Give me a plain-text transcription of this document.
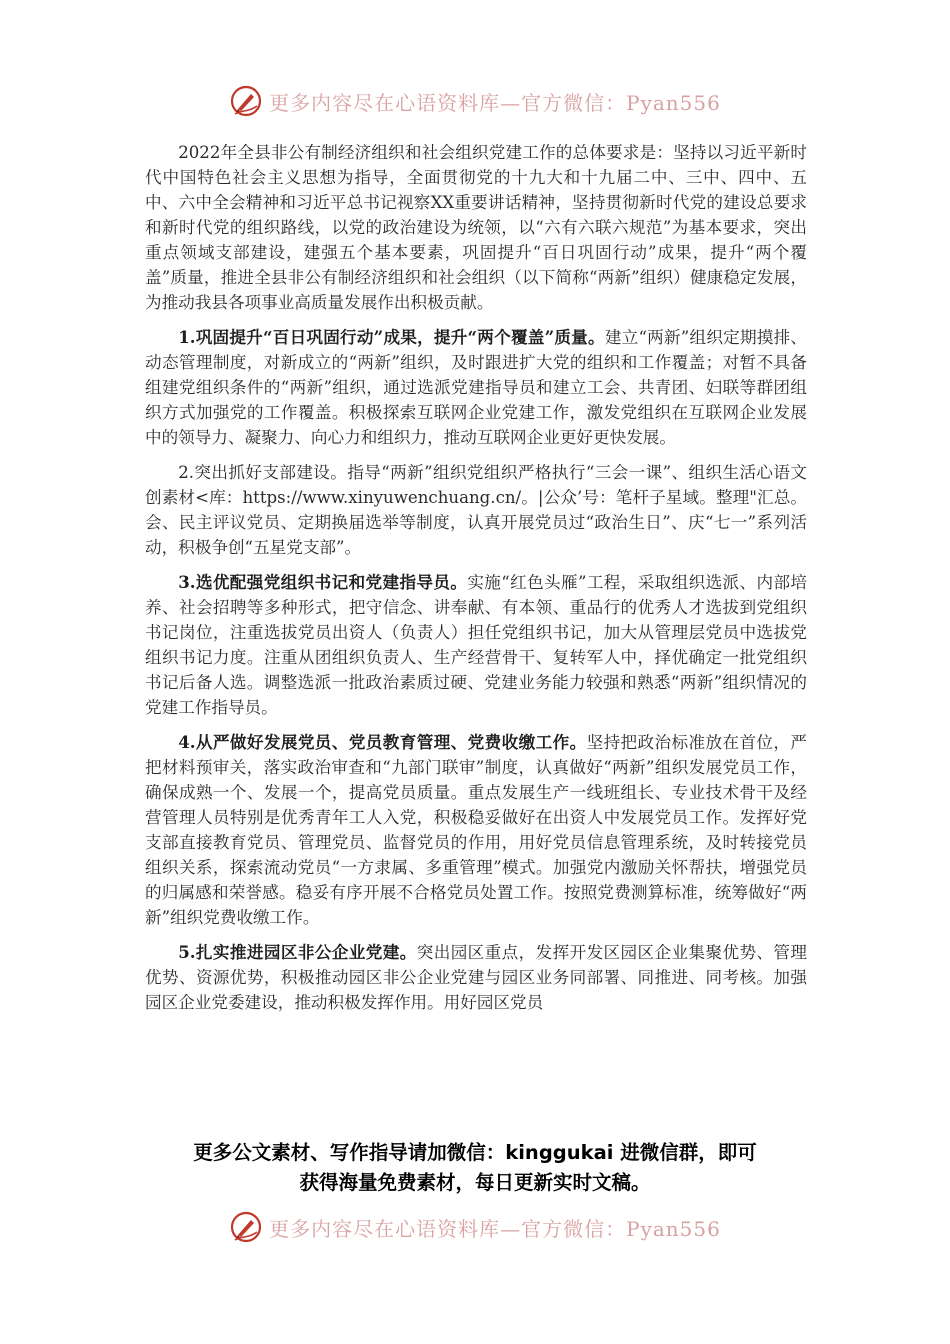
更多内容尽在心语资料库—官方微信：Pyan556

2022年全县非公有制经济组织和社会组织党建工作的总体要求是：坚持以习近平新时代中国特色社会主义思想为指导，全面贯彻党的十九大和十九届二中、三中、四中、五中、六中全会精神和习近平总书记视察XX重要讲话精神，坚持贯彻新时代党的建设总要求和新时代党的组织路线，以党的政治建设为统领，以“六有六联六规范”为基本要求，突出重点领域支部建设，建强五个基本要素，巩固提升“百日巩固行动”成果，提升“两个覆盖”质量，推进全县非公有制经济组织和社会组织（以下简称“两新”组织）健康稳定发展，为推动我县各项事业高质量发展作出积极贡献。

1.巩固提升“百日巩固行动”成果，提升“两个覆盖”质量。建立“两新”组织定期摸排、动态管理制度，对新成立的“两新”组织，及时跟进扩大党的组织和工作覆盖；对暂不具备组建党组织条件的“两新”组织，通过选派党建指导员和建立工会、共青团、妇联等群团组织方式加强党的工作覆盖。积极探索互联网企业党建工作，激发党组织在互联网企业发展中的领导力、凝聚力、向心力和组织力，推动互联网企业更好更快发展。

2.突出抓好支部建设。指导“两新”组织党组织严格执行“三会一课”、组织生活心语文创素材<库：https://www.xinyuwenchuang.cn/。|公众’号：笔杆子星域。整理"汇总。会、民主评议党员、定期换届选举等制度，认真开展党员过“政治生日”、庆“七一”系列活动，积极争创“五星党支部”。

3.选优配强党组织书记和党建指导员。实施“红色头雁”工程，采取组织选派、内部培养、社会招聘等多种形式，把守信念、讲奉献、有本领、重品行的优秀人才选拔到党组织书记岗位，注重选拔党员出资人（负责人）担任党组织书记，加大从管理层党员中选拔党组织书记力度。注重从团组织负责人、生产经营骨干、复转军人中，择优确定一批党组织书记后备人选。调整选派一批政治素质过硬、党建业务能力较强和熟悉“两新”组织情况的党建工作指导员。

4.从严做好发展党员、党员教育管理、党费收缴工作。坚持把政治标准放在首位，严把材料预审关，落实政治审查和“九部门联审”制度，认真做好“两新”组织发展党员工作，确保成熟一个、发展一个，提高党员质量。重点发展生产一线班组长、专业技术骨干及经营管理人员特别是优秀青年工人入党，积极稳妥做好在出资人中发展党员工作。发挥好党支部直接教育党员、管理党员、监督党员的作用，用好党员信息管理系统，及时转接党员组织关系，探索流动党员“一方隶属、多重管理”模式。加强党内激励关怀帮扶，增强党员的归属感和荣誉感。稳妥有序开展不合格党员处置工作。按照党费测算标准，统筹做好“两新”组织党费收缴工作。

5.扎实推进园区非公企业党建。突出园区重点，发挥开发区园区企业集聚优势、管理优势、资源优势，积极推动园区非公企业党建与园区业务同部署、同推进、同考核。加强园区企业党委建设，推动积极发挥作用。用好园区党员

更多公文素材、写作指导请加微信：kinggukai 进微信群，即可
获得海量免费素材，每日更新实时文稿。
更多内容尽在心语资料库—官方微信：Pyan556
